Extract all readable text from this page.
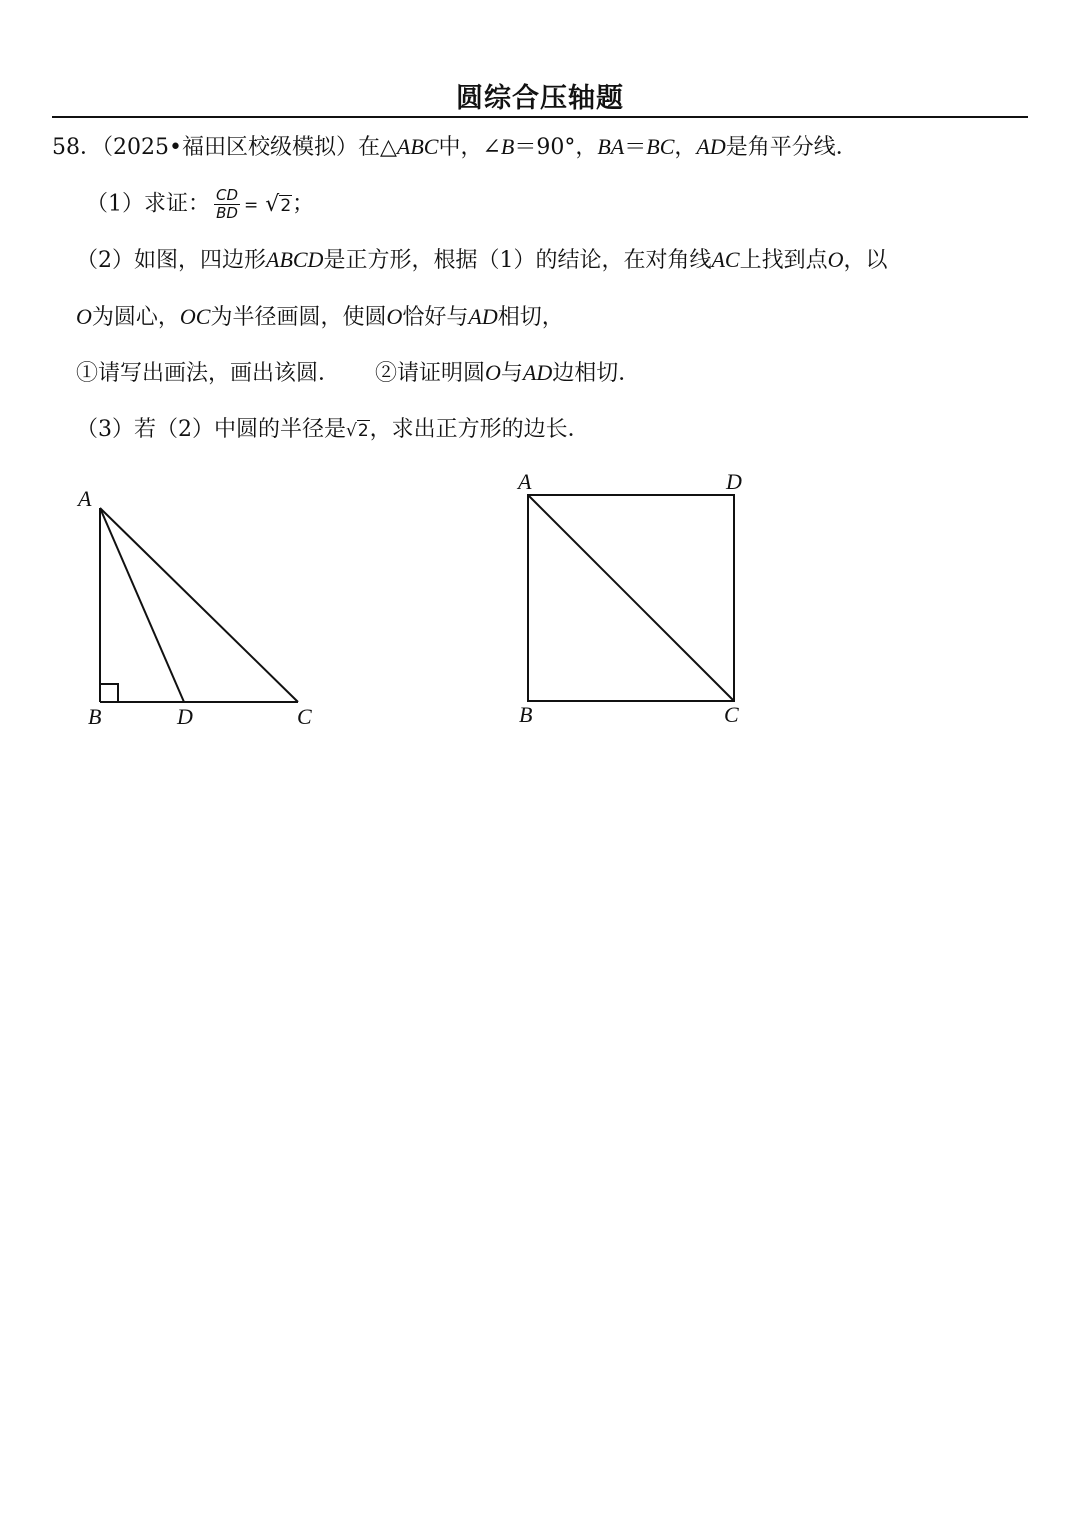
圆综合压轴题
58．（2025•福田区校级模拟）在△ABC中，∠B＝90°，BA＝BC，AD是角平分线．
（1）求证： $\frac{CD}{BD} = √2$；
（2）如图，四边形ABCD是正方形，根据（1）的结论，在对角线AC上找到点O，以
O为圆心，OC为半径画圆，使圆O恰好与AD相切，
①请写出画法，画出该圆． ②请证明圆O与AD边相切．
（3）若（2）中圆的半径是√2，求出正方形的边长．
A
B	D	C
A	D
B	C
